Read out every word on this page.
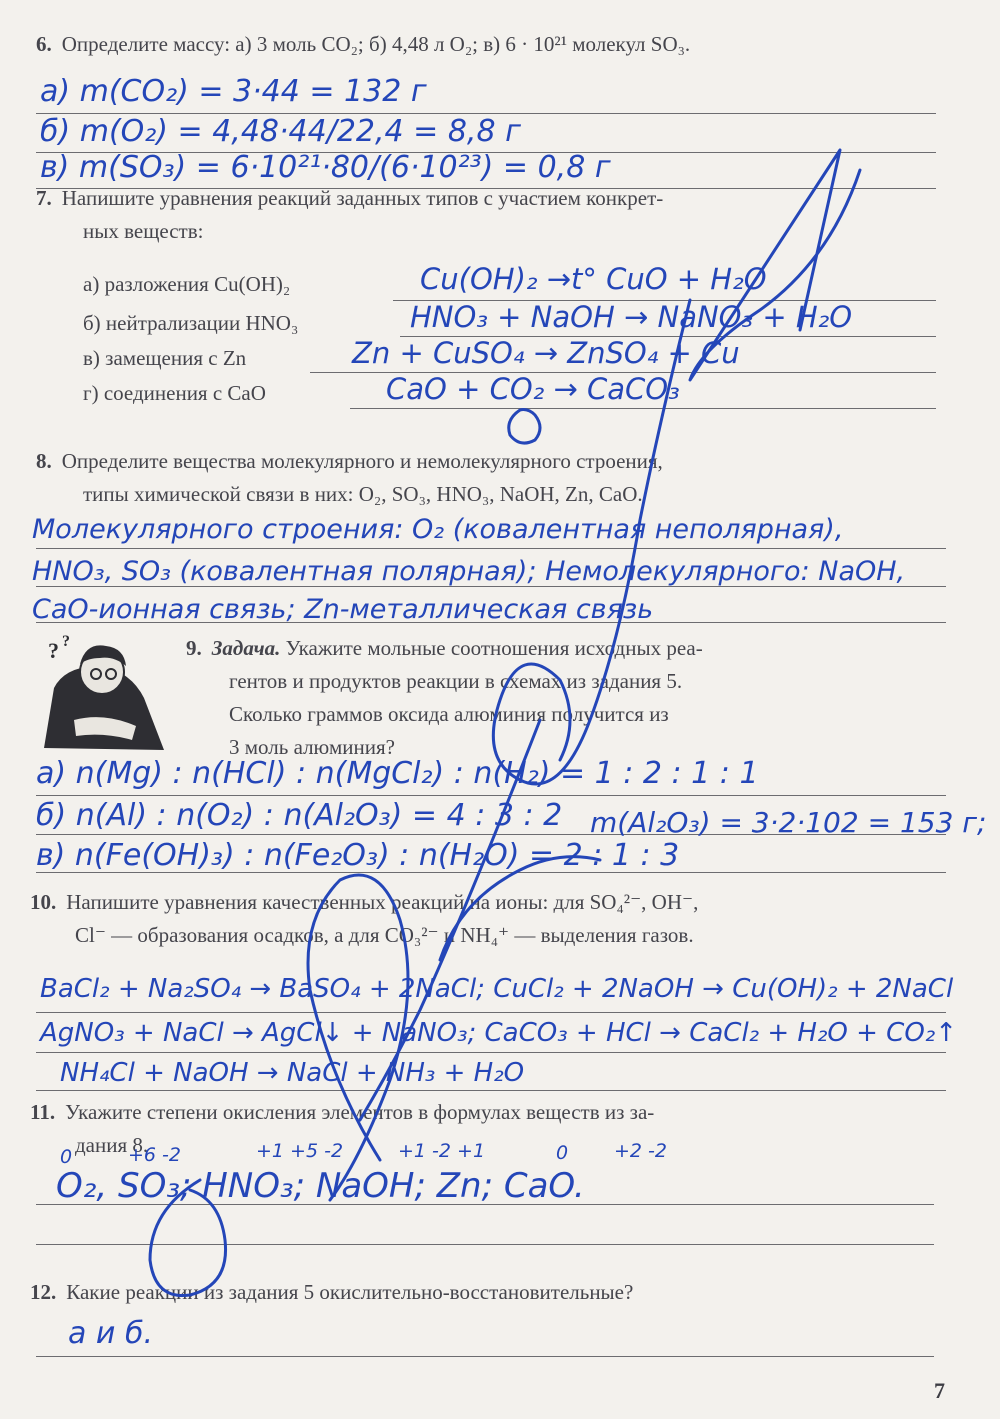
6. Определите массу: а) 3 моль CO₂; б) 4,48 л O₂; в) 6 · 10²¹ молекул SO₃.
а) m(CO₂) = 3·44 = 132 г
б) m(O₂) = 4,48·44/22,4 = 8,8 г
в) m(SO₃) = 6·10²¹·80/(6·10²³) = 0,8 г
7. Напишите уравнения реакций заданных типов с участием конкрет-
ных веществ:
а) разложения Cu(OH)₂
б) нейтрализации HNO₃
в) замещения с Zn
г) соединения с CaO
Cu(OH)₂ →t° CuO + H₂O
HNO₃ + NaOH → NaNO₃ + H₂O
Zn + CuSO₄ → ZnSO₄ + Cu
CaO + CO₂ → CaCO₃
8. Определите вещества молекулярного и немолекулярного строения,
типы химической связи в них: O₂, SO₃, HNO₃, NaOH, Zn, CaO.
Молекулярного строения: O₂ (ковалентная неполярная),
HNO₃, SO₃ (ковалентная полярная); Немолекулярного: NaOH,
CaO-ионная связь; Zn-металлическая связь
? ?	9. Задача. Укажите мольные соотношения исходных реа-
гентов и продуктов реакции в схемах из задания 5.
Сколько граммов оксида алюминия получится из
3 моль алюминия?
а) n(Mg) : n(HCl) : n(MgCl₂) : n(H₂) = 1 : 2 : 1 : 1
б) n(Al) : n(O₂) : n(Al₂O₃) = 4 : 3 : 2 m(Al₂O₃) = 3·2·102 = 153 г;
в) n(Fe(OH)₃) : n(Fe₂O₃) : n(H₂O) = 2 : 1 : 3
10. Напишите уравнения качественных реакций на ионы: для SO₄²⁻, OH⁻,
Cl⁻ — образования осадков, а для CO₃²⁻ и NH₄⁺ — выделения газов.
BaCl₂ + Na₂SO₄ → BaSO₄ + 2NaCl; CuCl₂ + 2NaOH → Cu(OH)₂ + 2NaCl
AgNO₃ + NaCl → AgCl↓ + NaNO₃; CaCO₃ + HCl → CaCl₂ + H₂O + CO₂↑
NH₄Cl + NaOH → NaCl + NH₃ + H₂O
11. Укажите степени окисления элементов в формулах веществ из за-
дания 8.
0	+6 -2	+1 +5 -2	+1 -2 +1	0 +2 -2
O₂, SO₃; HNO₃; NaOH; Zn; CaO.
12. Какие реакции из задания 5 окислительно-восстановительные?
а и б.
7
